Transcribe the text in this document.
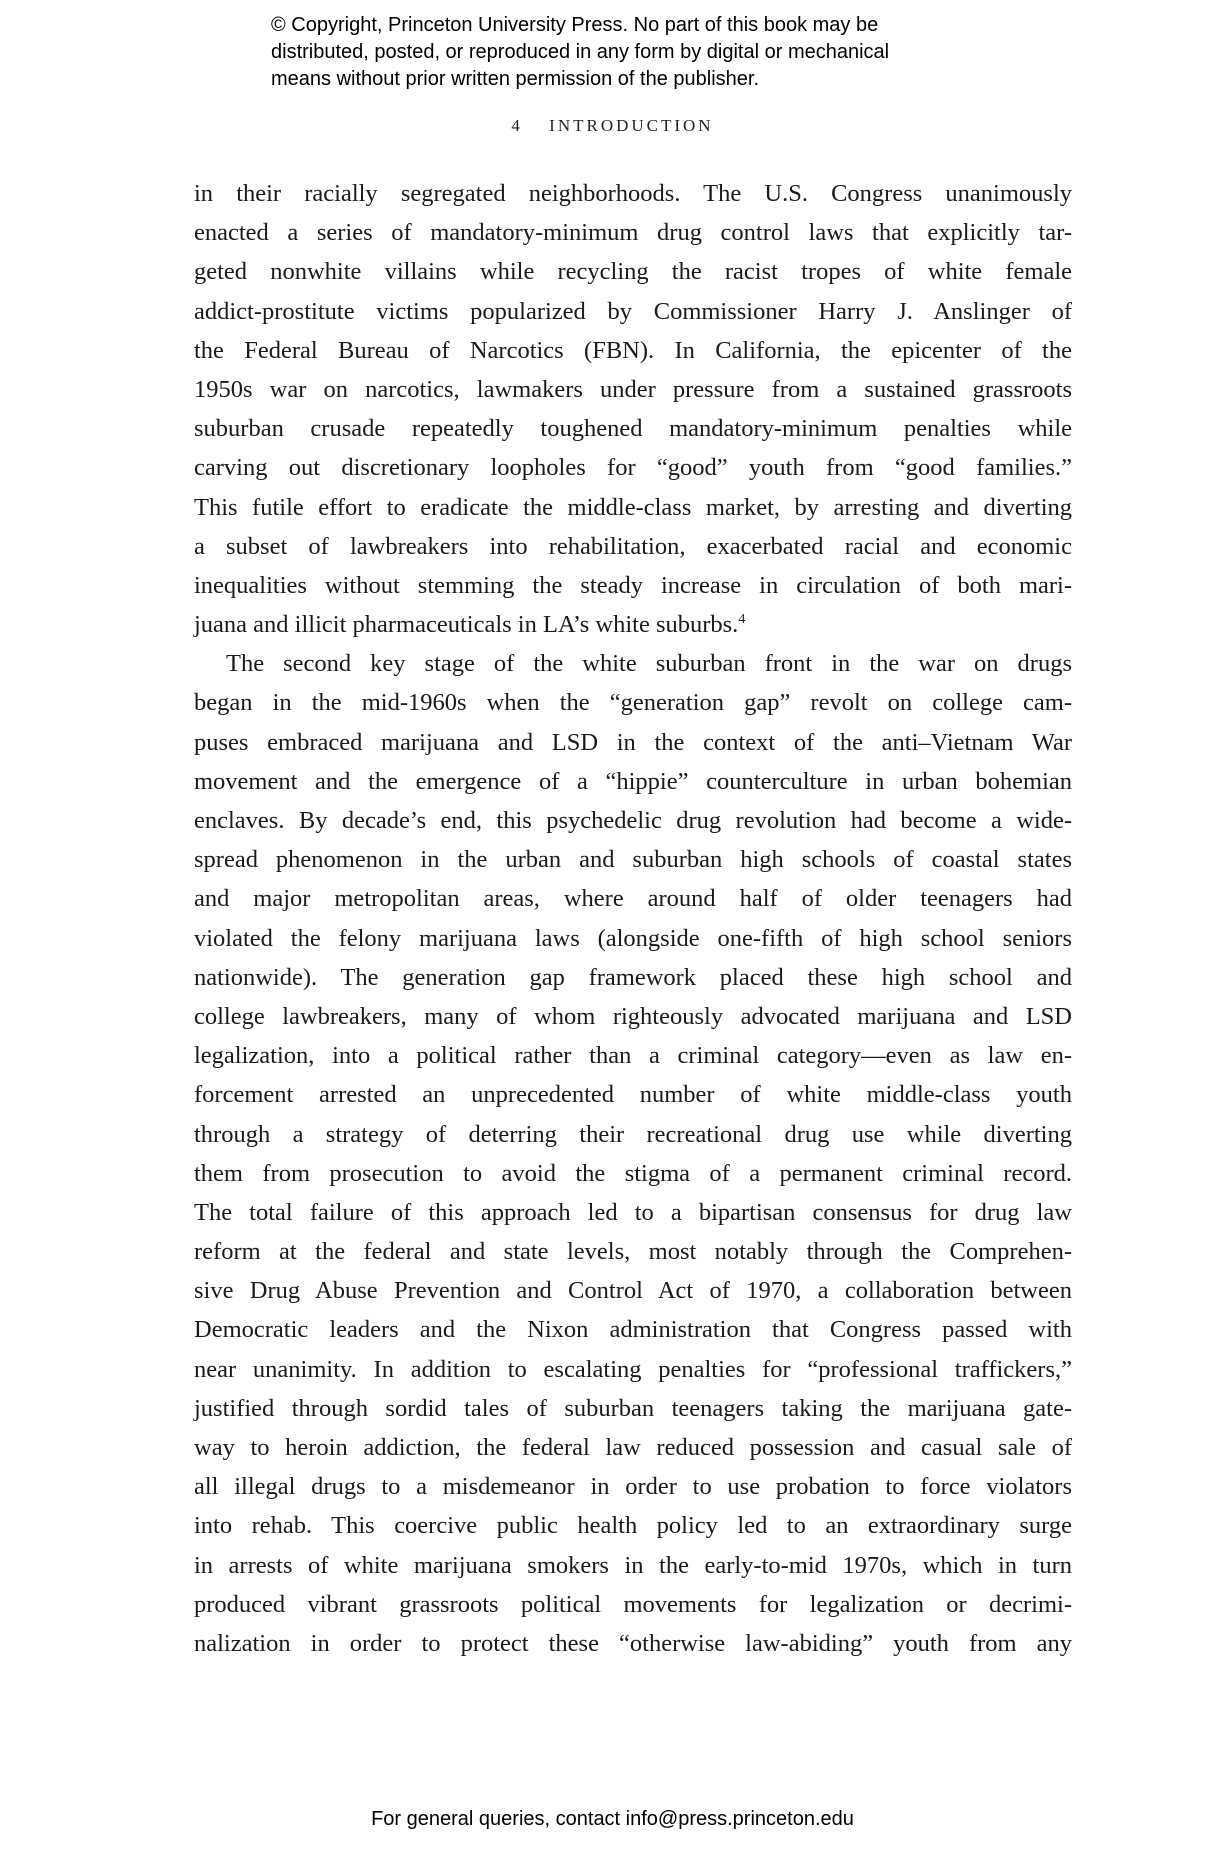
© Copyright, Princeton University Press. No part of this book may be
distributed, posted, or reproduced in any form by digital or mechanical
means without prior written permission of the publisher.
4 INTRODUCTION
in their racially segregated neighborhoods. The U.S. Congress unanimously
enacted a series of mandatory-minimum drug control laws that explicitly tar-
geted nonwhite villains while recycling the racist tropes of white female
addict-prostitute victims popularized by Commissioner Harry J. Anslinger of
the Federal Bureau of Narcotics (FBN). In California, the epicenter of the
1950s war on narcotics, lawmakers under pressure from a sustained grassroots
suburban crusade repeatedly toughened mandatory-minimum penalties while
carving out discretionary loopholes for “good” youth from “good families.”
This futile effort to eradicate the middle-class market, by arresting and diverting
a subset of lawbreakers into rehabilitation, exacerbated racial and economic
inequalities without stemming the steady increase in circulation of both mari-
juana and illicit pharmaceuticals in LA’s white suburbs.$^4$
The second key stage of the white suburban front in the war on drugs
began in the mid-1960s when the “generation gap” revolt on college cam-
puses embraced marijuana and LSD in the context of the anti–Vietnam War
movement and the emergence of a “hippie” counterculture in urban bohemian
enclaves. By decade’s end, this psychedelic drug revolution had become a wide-
spread phenomenon in the urban and suburban high schools of coastal states
and major metropolitan areas, where around half of older teenagers had
violated the felony marijuana laws (alongside one-fifth of high school seniors
nationwide). The generation gap framework placed these high school and
college lawbreakers, many of whom righteously advocated marijuana and LSD
legalization, into a political rather than a criminal category—even as law en-
forcement arrested an unprecedented number of white middle-class youth
through a strategy of deterring their recreational drug use while diverting
them from prosecution to avoid the stigma of a permanent criminal record.
The total failure of this approach led to a bipartisan consensus for drug law
reform at the federal and state levels, most notably through the Comprehen-
sive Drug Abuse Prevention and Control Act of 1970, a collaboration between
Democratic leaders and the Nixon administration that Congress passed with
near unanimity. In addition to escalating penalties for “professional traffickers,”
justified through sordid tales of suburban teenagers taking the marijuana gate-
way to heroin addiction, the federal law reduced possession and casual sale of
all illegal drugs to a misdemeanor in order to use probation to force violators
into rehab. This coercive public health policy led to an extraordinary surge
in arrests of white marijuana smokers in the early-to-mid 1970s, which in turn
produced vibrant grassroots political movements for legalization or decrimi-
nalization in order to protect these “otherwise law-abiding” youth from any
For general queries, contact info@press.princeton.edu
